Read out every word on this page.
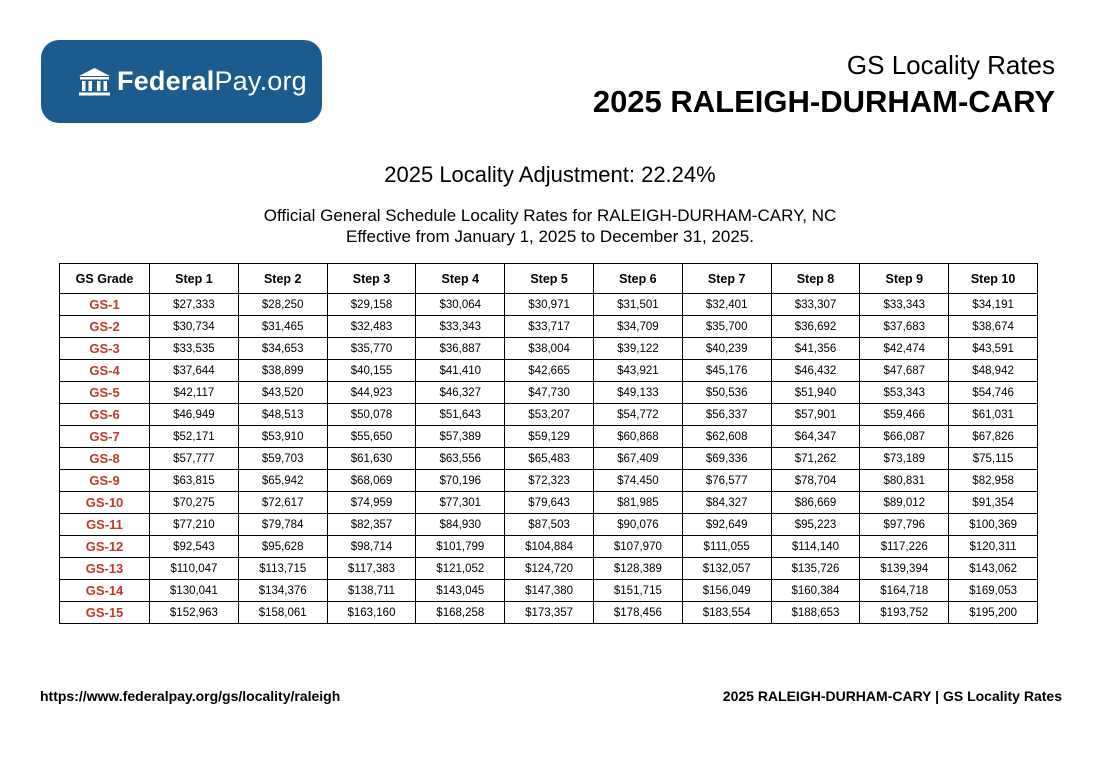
FederalPay.org
GS Locality Rates
2025 RALEIGH-DURHAM-CARY
2025 Locality Adjustment: 22.24%
Official General Schedule Locality Rates for RALEIGH-DURHAM-CARY, NC
Effective from January 1, 2025 to December 31, 2025.
GS Grade	Step 1	Step 2	Step 3	Step 4	Step 5	Step 6	Step 7	Step 8	Step 9	Step 10
GS-1	$27,333	$28,250	$29,158	$30,064	$30,971	$31,501	$32,401	$33,307	$33,343	$34,191
GS-2	$30,734	$31,465	$32,483	$33,343	$33,717	$34,709	$35,700	$36,692	$37,683	$38,674
GS-3	$33,535	$34,653	$35,770	$36,887	$38,004	$39,122	$40,239	$41,356	$42,474	$43,591
GS-4	$37,644	$38,899	$40,155	$41,410	$42,665	$43,921	$45,176	$46,432	$47,687	$48,942
GS-5	$42,117	$43,520	$44,923	$46,327	$47,730	$49,133	$50,536	$51,940	$53,343	$54,746
GS-6	$46,949	$48,513	$50,078	$51,643	$53,207	$54,772	$56,337	$57,901	$59,466	$61,031
GS-7	$52,171	$53,910	$55,650	$57,389	$59,129	$60,868	$62,608	$64,347	$66,087	$67,826
GS-8	$57,777	$59,703	$61,630	$63,556	$65,483	$67,409	$69,336	$71,262	$73,189	$75,115
GS-9	$63,815	$65,942	$68,069	$70,196	$72,323	$74,450	$76,577	$78,704	$80,831	$82,958
GS-10	$70,275	$72,617	$74,959	$77,301	$79,643	$81,985	$84,327	$86,669	$89,012	$91,354
GS-11	$77,210	$79,784	$82,357	$84,930	$87,503	$90,076	$92,649	$95,223	$97,796	$100,369
GS-12	$92,543	$95,628	$98,714	$101,799	$104,884	$107,970	$111,055	$114,140	$117,226	$120,311
GS-13	$110,047	$113,715	$117,383	$121,052	$124,720	$128,389	$132,057	$135,726	$139,394	$143,062
GS-14	$130,041	$134,376	$138,711	$143,045	$147,380	$151,715	$156,049	$160,384	$164,718	$169,053
GS-15	$152,963	$158,061	$163,160	$168,258	$173,357	$178,456	$183,554	$188,653	$193,752	$195,200
https://www.federalpay.org/gs/locality/raleigh	2025 RALEIGH-DURHAM-CARY | GS Locality Rates
